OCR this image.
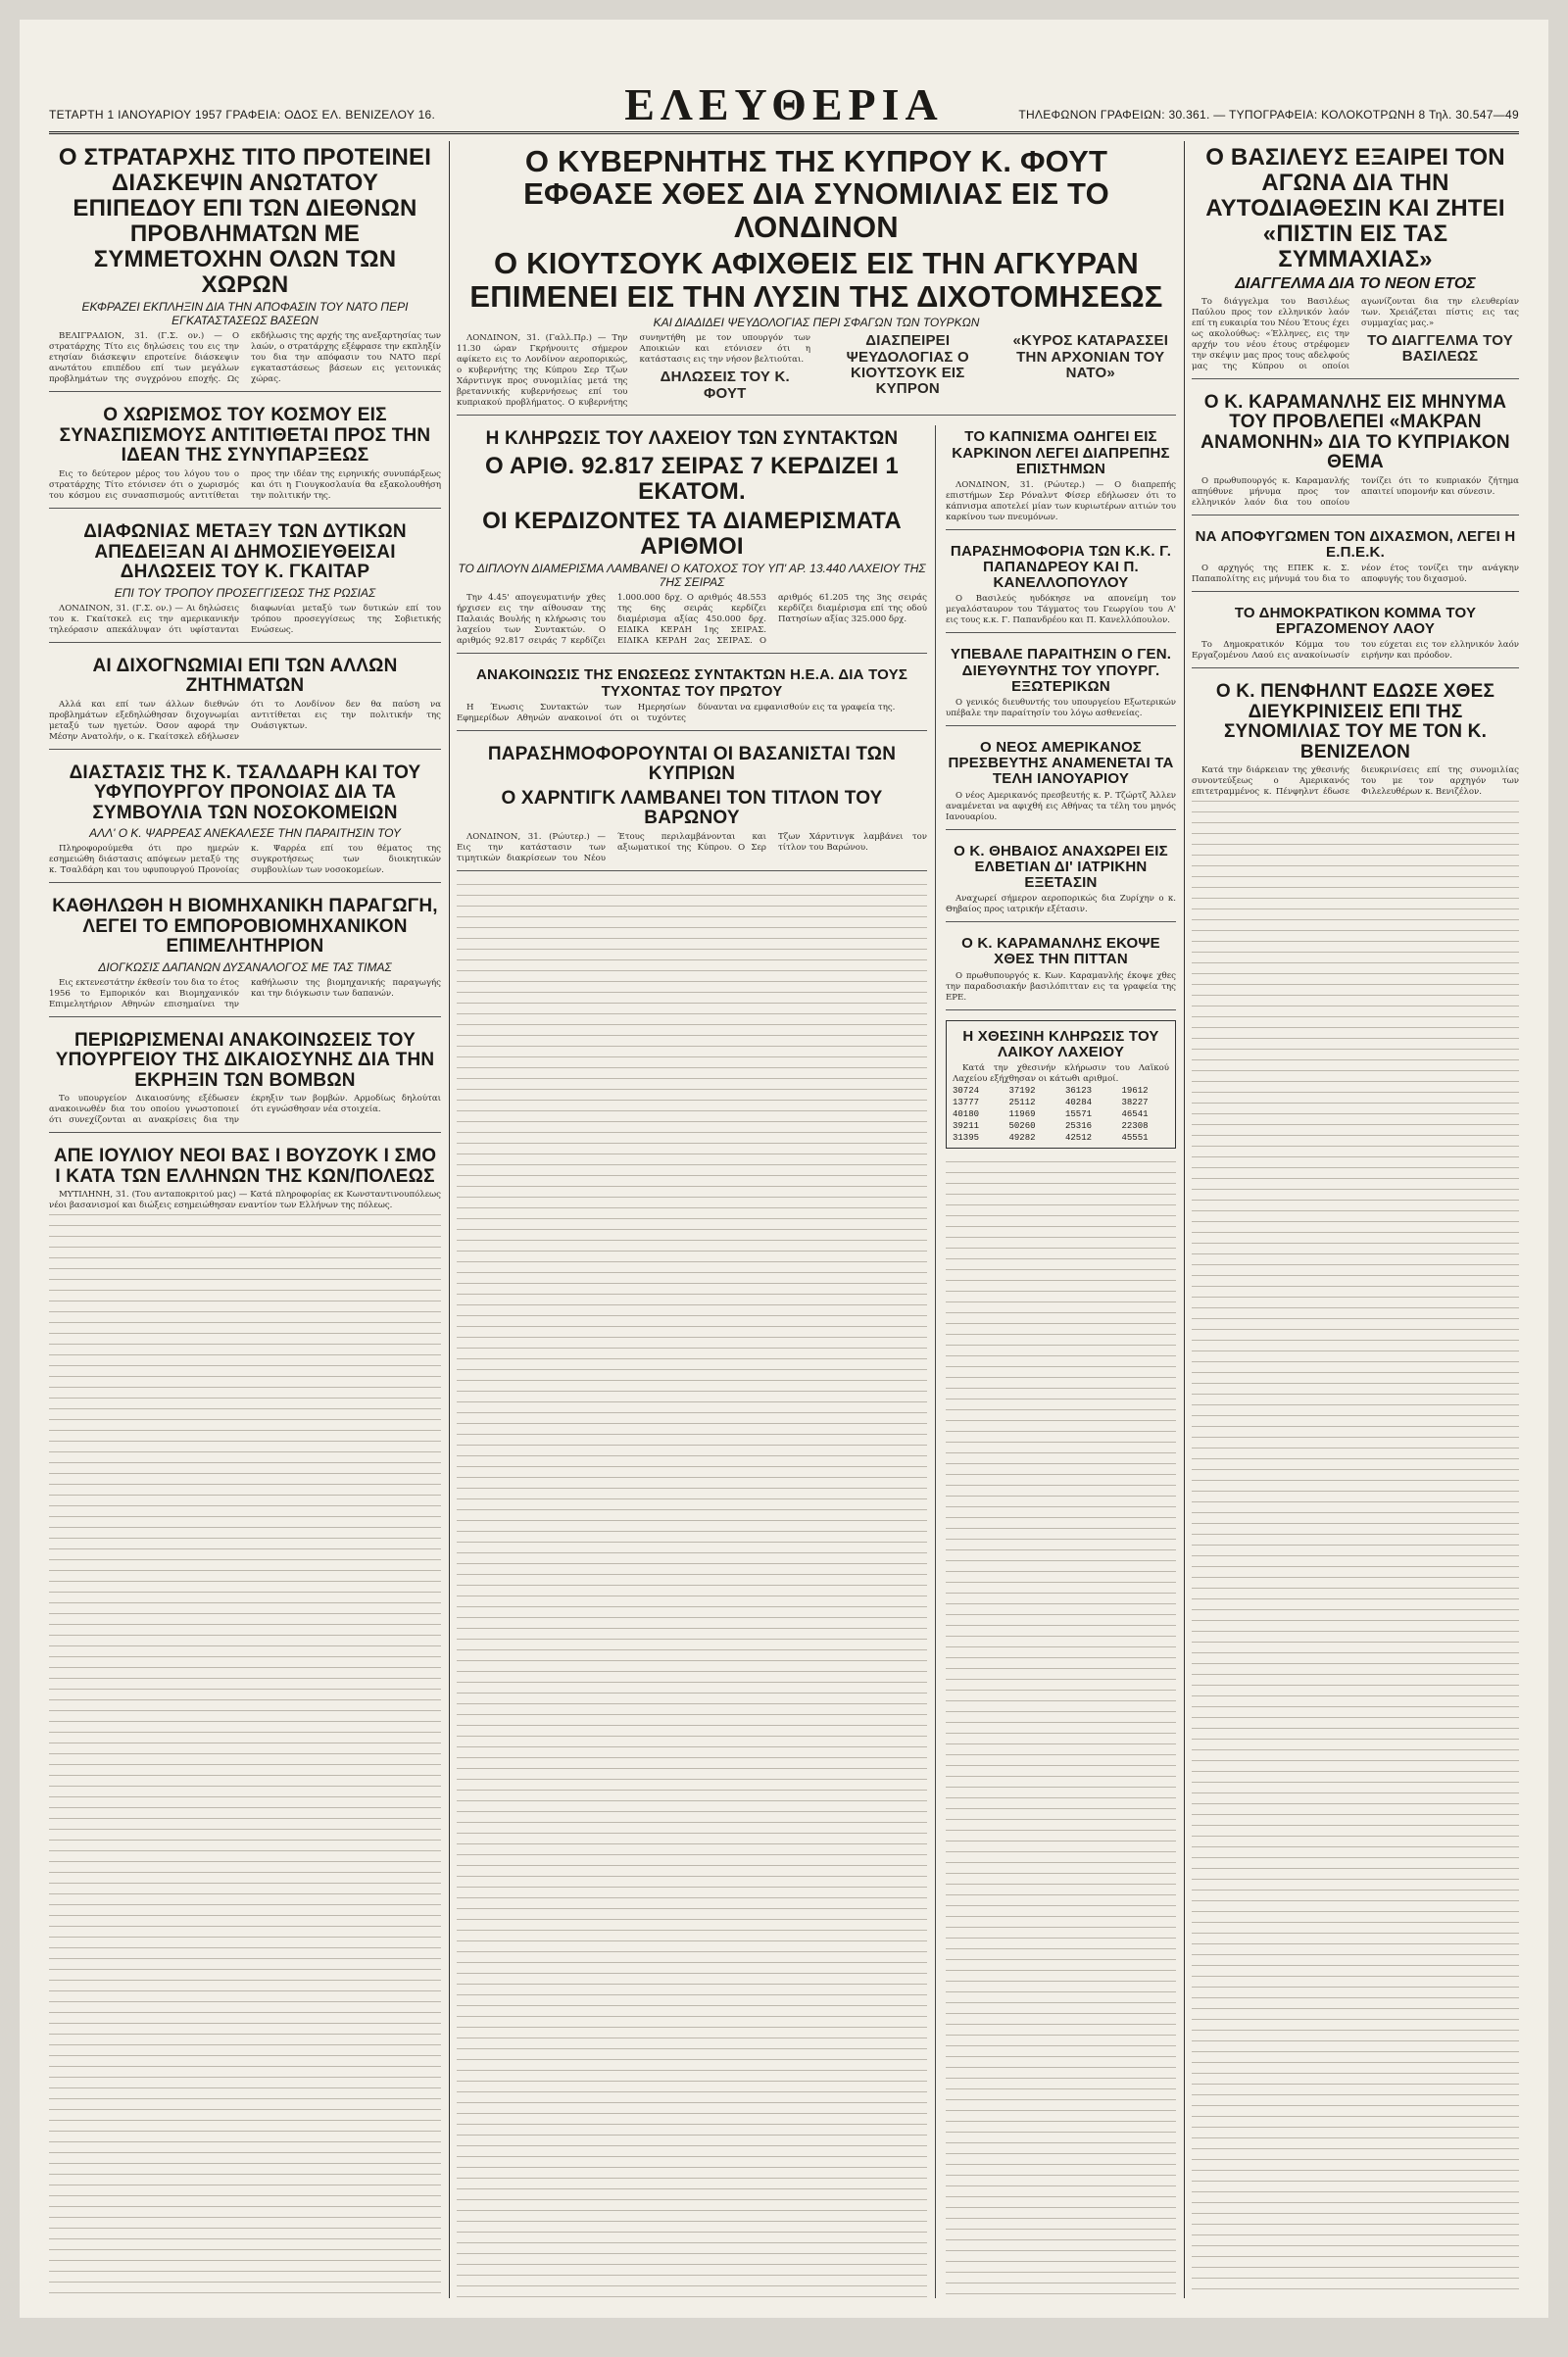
ΤΕΤΑΡΤΗ 1 ΙΑΝΟΥΑΡΙΟΥ 1957 ΓΡΑΦΕΙΑ: ΟΔΟΣ ΕΛ. ΒΕΝΙΖΕΛΟΥ 16.	ΕΛΕΥΘΕΡΙΑ	ΤΗΛΕΦΩΝΟΝ ΓΡΑΦΕΙΩΝ: 30.361. — ΤΥΠΟΓΡΑΦΕΙΑ: ΚΟΛΟΚΟΤΡΩΝΗ 8 Τηλ. 30.547—49
Ο ΣΤΡΑΤΑΡΧΗΣ ΤΙΤΟ ΠΡΟΤΕΙΝΕΙ ΔΙΑΣΚΕΨΙΝ ΑΝΩΤΑΤΟΥ ΕΠΙΠΕΔΟΥ ΕΠΙ ΤΩΝ ΔΙΕΘΝΩΝ ΠΡΟΒΛΗΜΑΤΩΝ ΜΕ ΣΥΜΜΕΤΟΧΗΝ ΟΛΩΝ ΤΩΝ ΧΩΡΩΝ
ΕΚΦΡΑΖΕΙ ΕΚΠΛΗΞΙΝ ΔΙΑ ΤΗΝ ΑΠΟΦΑΣΙΝ ΤΟΥ ΝΑΤΟ ΠΕΡΙ ΕΓΚΑΤΑΣΤΑΣΕΩΣ ΒΑΣΕΩΝ

ΒΕΛΙΓΡΑΔΙΟΝ, 31. (Γ.Σ. ον.) — Ο στρατάρχης Τίτο εις δηλώσεις του εις την ετησίαν διάσκεψιν επροτείνε διάσκεψιν ανωτάτου επιπέδου επί των μεγάλων προβλημάτων της συγχρόνου εποχής. Ως εκδήλωσις της αρχής της ανεξαρτησίας των λαών, ο στρατάρχης εξέφρασε την εκπληξίν του δια την απόφασιν του ΝΑΤΟ περί εγκαταστάσεως βάσεων εις γειτονικάς χώρας.

Ο ΧΩΡΙΣΜΟΣ ΤΟΥ ΚΟΣΜΟΥ ΕΙΣ ΣΥΝΑΣΠΙΣΜΟΥΣ ΑΝΤΙΤΙΘΕΤΑΙ ΠΡΟΣ ΤΗΝ ΙΔΕΑΝ ΤΗΣ ΣΥΝΥΠΑΡΞΕΩΣ

Εις το δεύτερον μέρος του λόγου του ο στρατάρχης Τίτο ετόνισεν ότι ο χωρισμός του κόσμου εις συνασπισμούς αντιτίθεται προς την ιδέαν της ειρηνικής συνυπάρξεως και ότι η Γιουγκοσλαυία θα εξακολουθήση την πολιτικήν της.

ΔΙΑΦΩΝΙΑΣ ΜΕΤΑΞΥ ΤΩΝ ΔΥΤΙΚΩΝ ΑΠΕΔΕΙΞΑΝ ΑΙ ΔΗΜΟΣΙΕΥΘΕΙΣΑΙ ΔΗΛΩΣΕΙΣ ΤΟΥ Κ. ΓΚΑΙΤΑΡ
ΕΠΙ ΤΟΥ ΤΡΟΠΟΥ ΠΡΟΣΕΓΓΙΣΕΩΣ ΤΗΣ ΡΩΣΙΑΣ

ΛΟΝΔΙΝΟΝ, 31. (Γ.Σ. ον.) — Αι δηλώσεις του κ. Γκαίτσκελ εις την αμερικανικήν τηλεόρασιν απεκάλυψαν ότι υφίστανται διαφωνίαι μεταξύ των δυτικών επί του τρόπου προσεγγίσεως της Σοβιετικής Ενώσεως.

ΑΙ ΔΙΧΟΓΝΩΜΙΑΙ ΕΠΙ ΤΩΝ ΑΛΛΩΝ ΖΗΤΗΜΑΤΩΝ

Αλλά και επί των άλλων διεθνών προβλημάτων εξεδηλώθησαν διχογνωμίαι μεταξύ των ηγετών. Όσον αφορά την Μέσην Ανατολήν, ο κ. Γκαίτσκελ εδήλωσεν ότι το Λονδίνον δεν θα παύση να αντιτίθεται εις την πολιτικήν της Ουάσιγκτων.

ΔΙΑΣΤΑΣΙΣ ΤΗΣ Κ. ΤΣΑΛΔΑΡΗ ΚΑΙ ΤΟΥ ΥΦΥΠΟΥΡΓΟΥ ΠΡΟΝΟΙΑΣ ΔΙΑ ΤΑ ΣΥΜΒΟΥΛΙΑ ΤΩΝ ΝΟΣΟΚΟΜΕΙΩΝ
ΑΛΛ' Ο Κ. ΨΑΡΡΕΑΣ ΑΝΕΚΑΛΕΣΕ ΤΗΝ ΠΑΡΑΙΤΗΣΙΝ ΤΟΥ

Πληροφορούμεθα ότι προ ημερών εσημειώθη διάστασις απόψεων μεταξύ της κ. Τσαλδάρη και του υφυπουργού Προνοίας κ. Ψαρρέα επί του θέματος της συγκροτήσεως των διοικητικών συμβουλίων των νοσοκομείων.

ΚΑΘΗΛΩΘΗ Η ΒΙΟΜΗΧΑΝΙΚΗ ΠΑΡΑΓΩΓΗ, ΛΕΓΕΙ ΤΟ ΕΜΠΟΡΟΒΙΟΜΗΧΑΝΙΚΟΝ ΕΠΙΜΕΛΗΤΗΡΙΟΝ
ΔΙΟΓΚΩΣΙΣ ΔΑΠΑΝΩΝ ΔΥΣΑΝΑΛΟΓΟΣ ΜΕ ΤΑΣ ΤΙΜΑΣ

Εις εκτενεστάτην έκθεσίν του δια το έτος 1956 το Εμπορικόν και Βιομηχανικόν Επιμελητήριον Αθηνών επισημαίνει την καθήλωσιν της βιομηχανικής παραγωγής και την διόγκωσιν των δαπανών.

ΠΕΡΙΩΡΙΣΜΕΝΑΙ ΑΝΑΚΟΙΝΩΣΕΙΣ ΤΟΥ ΥΠΟΥΡΓΕΙΟΥ ΤΗΣ ΔΙΚΑΙΟΣΥΝΗΣ ΔΙΑ ΤΗΝ ΕΚΡΗΞΙΝ ΤΩΝ ΒΟΜΒΩΝ

Το υπουργείον Δικαιοσύνης εξέδωσεν ανακοινωθέν δια του οποίου γνωστοποιεί ότι συνεχίζονται αι ανακρίσεις δια την έκρηξιν των βομβών. Αρμοδίως δηλούται ότι εγνώσθησαν νέα στοιχεία.

ΑΠΕ ΙΟΥΛΙΟΥ ΝΕΟΙ ΒΑΣ Ι ΒΟΥΖΟΥΚ Ι ΣΜΟ Ι ΚΑΤΑ ΤΩΝ ΕΛΛΗΝΩΝ ΤΗΣ ΚΩΝ/ΠΟΛΕΩΣ

ΜΥΤΙΛΗΝΗ, 31. (Του ανταποκριτού μας) — Κατά πληροφορίας εκ Κωνσταντινουπόλεως νέοι βασανισμοί και διώξεις εσημειώθησαν εναντίον των Ελλήνων της πόλεως.

Ο ΚΥΒΕΡΝΗΤΗΣ ΤΗΣ ΚΥΠΡΟΥ Κ. ΦΟΥΤ ΕΦΘΑΣΕ ΧΘΕΣ ΔΙΑ ΣΥΝΟΜΙΛΙΑΣ ΕΙΣ ΤΟ ΛΟΝΔΙΝΟΝ
Ο ΚΙΟΥΤΣΟΥΚ ΑΦΙΧΘΕΙΣ ΕΙΣ ΤΗΝ ΑΓΚΥΡΑΝ ΕΠΙΜΕΝΕΙ ΕΙΣ ΤΗΝ ΛΥΣΙΝ ΤΗΣ ΔΙΧΟΤΟΜΗΣΕΩΣ
ΚΑΙ ΔΙΑΔΙΔΕΙ ΨΕΥΔΟΛΟΓΙΑΣ ΠΕΡΙ ΣΦΑΓΩΝ ΤΩΝ ΤΟΥΡΚΩΝ

ΛΟΝΔΙΝΟΝ, 31. (Γαλλ.Πρ.) — Την 11.30 ώραν Γκρήνουιτς σήμερον αφίκετο εις το Λονδίνον αεροπορικώς, ο κυβερνήτης της Κύπρου Σερ Τζων Χάρντινγκ προς συνομιλίας μετά της βρεταννικής κυβερνήσεως επί του κυπριακού προβλήματος. Ο κυβερνήτης συνηντήθη με τον υπουργόν των Αποικιών και ετόνισεν ότι η κατάστασις εις την νήσον βελτιούται.

ΔΗΛΩΣΕΙΣ ΤΟΥ Κ. ΦΟΥΤ
ΔΙΑΣΠΕΙΡΕΙ ΨΕΥΔΟΛΟΓΙΑΣ Ο ΚΙΟΥΤΣΟΥΚ ΕΙΣ ΚΥΠΡΟΝ
«ΚΥΡΟΣ ΚΑΤΑΡΑΣΣΕΙ ΤΗΝ ΑΡΧΟΝΙΑΝ ΤΟΥ ΝΑΤΟ»
Η ΚΛΗΡΩΣΙΣ ΤΟΥ ΛΑΧΕΙΟΥ ΤΩΝ ΣΥΝΤΑΚΤΩΝ
Ο ΑΡΙΘ. 92.817 ΣΕΙΡΑΣ 7 ΚΕΡΔΙΖΕΙ 1 ΕΚΑΤΟΜ.
ΟΙ ΚΕΡΔΙΖΟΝΤΕΣ ΤΑ ΔΙΑΜΕΡΙΣΜΑΤΑ ΑΡΙΘΜΟΙ
ΤΟ ΔΙΠΛΟΥΝ ΔΙΑΜΕΡΙΣΜΑ ΛΑΜΒΑΝΕΙ Ο ΚΑΤΟΧΟΣ ΤΟΥ ΥΠ' ΑΡ. 13.440 ΛΑΧΕΙΟΥ ΤΗΣ 7ΗΣ ΣΕΙΡΑΣ

Την 4.45' απογευματινήν χθες ήρχισεν εις την αίθουσαν της Παλαιάς Βουλής η κλήρωσις του λαχείου των Συντακτών. Ο αριθμός 92.817 σειράς 7 κερδίζει 1.000.000 δρχ. Ο αριθμός 48.553 της 6ης σειράς κερδίζει διαμέρισμα αξίας 450.000 δρχ. ΕΙΔΙΚΑ ΚΕΡΔΗ 1ης ΣΕΙΡΑΣ. ΕΙΔΙΚΑ ΚΕΡΔΗ 2ας ΣΕΙΡΑΣ. Ο αριθμός 61.205 της 3ης σειράς κερδίζει διαμέρισμα επί της οδού Πατησίων αξίας 325.000 δρχ.

ΑΝΑΚΟΙΝΩΣΙΣ ΤΗΣ ΕΝΩΣΕΩΣ ΣΥΝΤΑΚΤΩΝ Η.Ε.Α. ΔΙΑ ΤΟΥΣ ΤΥΧΟΝΤΑΣ ΤΟΥ ΠΡΩΤΟΥ

Η Ένωσις Συντακτών των Ημερησίων Εφημερίδων Αθηνών ανακοινοί ότι οι τυχόντες δύνανται να εμφανισθούν εις τα γραφεία της.

ΠΑΡΑΣΗΜΟΦΟΡΟΥΝΤΑΙ ΟΙ ΒΑΣΑΝΙΣΤΑΙ ΤΩΝ ΚΥΠΡΙΩΝ
Ο ΧΑΡΝΤΙΓΚ ΛΑΜΒΑΝΕΙ ΤΟΝ ΤΙΤΛΟΝ ΤΟΥ ΒΑΡΩΝΟΥ

ΛΟΝΔΙΝΟΝ, 31. (Ρώυτερ.) — Εις την κατάστασιν των τιμητικών διακρίσεων του Νέου Έτους περιλαμβάνονται και αξιωματικοί της Κύπρου. Ο Σερ Τζων Χάρντινγκ λαμβάνει τον τίτλον του Βαρώνου.

ΤΟ ΚΑΠΝΙΣΜΑ ΟΔΗΓΕΙ ΕΙΣ ΚΑΡΚΙΝΟΝ ΛΕΓΕΙ ΔΙΑΠΡΕΠΗΣ ΕΠΙΣΤΗΜΩΝ

ΛΟΝΔΙΝΟΝ, 31. (Ρώυτερ.) — Ο διαπρεπής επιστήμων Σερ Ρόναλντ Φίσερ εδήλωσεν ότι το κάπνισμα αποτελεί μίαν των κυριωτέρων αιτιών του καρκίνου των πνευμόνων.

ΠΑΡΑΣΗΜΟΦΟΡΙΑ ΤΩΝ Κ.Κ. Γ. ΠΑΠΑΝΔΡΕΟΥ ΚΑΙ Π. ΚΑΝΕΛΛΟΠΟΥΛΟΥ

Ο Βασιλεύς ηυδόκησε να απονείμη τον μεγαλόσταυρον του Τάγματος του Γεωργίου του Α' εις τους κ.κ. Γ. Παπανδρέου και Π. Κανελλόπουλον.

ΥΠΕΒΑΛΕ ΠΑΡΑΙΤΗΣΙΝ Ο ΓΕΝ. ΔΙΕΥΘΥΝΤΗΣ ΤΟΥ ΥΠΟΥΡΓ. ΕΞΩΤΕΡΙΚΩΝ

Ο γενικός διευθυντής του υπουργείου Εξωτερικών υπέβαλε την παραίτησίν του λόγω ασθενείας.

Ο ΝΕΟΣ ΑΜΕΡΙΚΑΝΟΣ ΠΡΕΣΒΕΥΤΗΣ ΑΝΑΜΕΝΕΤΑΙ ΤΑ ΤΕΛΗ ΙΑΝΟΥΑΡΙΟΥ

Ο νέος Αμερικανός πρεσβευτής κ. Ρ. Τζώρτζ Άλλεν αναμένεται να αφιχθή εις Αθήνας τα τέλη του μηνός Ιανουαρίου.

Ο Κ. ΘΗΒΑΙΟΣ ΑΝΑΧΩΡΕΙ ΕΙΣ ΕΛΒΕΤΙΑΝ ΔΙ' ΙΑΤΡΙΚΗΝ ΕΞΕΤΑΣΙΝ

Αναχωρεί σήμερον αεροπορικώς δια Ζυρίχην ο κ. Θηβαίος προς ιατρικήν εξέτασιν.

Ο Κ. ΚΑΡΑΜΑΝΛΗΣ ΕΚΟΨΕ ΧΘΕΣ ΤΗΝ ΠΙΤΤΑΝ

Ο πρωθυπουργός κ. Κων. Καραμανλής έκοψε χθες την παραδοσιακήν βασιλόπιτταν εις τα γραφεία της ΕΡΕ.

Η ΧΘΕΣΙΝΗ ΚΛΗΡΩΣΙΣ ΤΟΥ ΛΑΙΚΟΥ ΛΑΧΕΙΟΥ

Κατά την χθεσινήν κλήρωσιν του Λαϊκού Λαχείου εξήχθησαν οι κάτωθι αριθμοί.

30724
13777
40180
39211
31395
37192
25112
11969
50260
49282
36123
40284
15571
25316
42512
19612
38227
46541
22308
45551
Ο ΒΑΣΙΛΕΥΣ ΕΞΑΙΡΕΙ ΤΟΝ ΑΓΩΝΑ ΔΙΑ ΤΗΝ ΑΥΤΟΔΙΑΘΕΣΙΝ ΚΑΙ ΖΗΤΕΙ «ΠΙΣΤΙΝ ΕΙΣ ΤΑΣ ΣΥΜΜΑΧΙΑΣ»
ΔΙΑΓΓΕΛΜΑ ΔΙΑ ΤΟ ΝΕΟΝ ΕΤΟΣ

Το διάγγελμα του Βασιλέως Παύλου προς τον ελληνικόν λαόν επί τη ευκαιρία του Νέου Έτους έχει ως ακολούθως: «Έλληνες, εις την αρχήν του νέου έτους στρέφομεν την σκέψιν μας προς τους αδελφούς μας της Κύπρου οι οποίοι αγωνίζονται δια την ελευθερίαν των. Χρειάζεται πίστις εις τας συμμαχίας μας.»

ΤΟ ΔΙΑΓΓΕΛΜΑ ΤΟΥ ΒΑΣΙΛΕΩΣ
Ο Κ. ΚΑΡΑΜΑΝΛΗΣ ΕΙΣ ΜΗΝΥΜΑ ΤΟΥ ΠΡΟΒΛΕΠΕΙ «ΜΑΚΡΑΝ ΑΝΑΜΟΝΗΝ» ΔΙΑ ΤΟ ΚΥΠΡΙΑΚΟΝ ΘΕΜΑ

Ο πρωθυπουργός κ. Καραμανλής απηύθυνε μήνυμα προς τον ελληνικόν λαόν δια του οποίου τονίζει ότι το κυπριακόν ζήτημα απαιτεί υπομονήν και σύνεσιν.

ΝΑ ΑΠΟΦΥΓΩΜΕΝ ΤΟΝ ΔΙΧΑΣΜΟΝ, ΛΕΓΕΙ Η Ε.Π.Ε.Κ.

Ο αρχηγός της ΕΠΕΚ κ. Σ. Παπαπολίτης εις μήνυμά του δια το νέον έτος τονίζει την ανάγκην αποφυγής του διχασμού.

ΤΟ ΔΗΜΟΚΡΑΤΙΚΟΝ ΚΟΜΜΑ ΤΟΥ ΕΡΓΑΖΟΜΕΝΟΥ ΛΑΟΥ

Το Δημοκρατικόν Κόμμα του Εργαζομένου Λαού εις ανακοίνωσίν του εύχεται εις τον ελληνικόν λαόν ειρήνην και πρόοδον.

Ο Κ. ΠΕΝΦΗΛΝΤ ΕΔΩΣΕ ΧΘΕΣ ΔΙΕΥΚΡΙΝΙΣΕΙΣ ΕΠΙ ΤΗΣ ΣΥΝΟΜΙΛΙΑΣ ΤΟΥ ΜΕ ΤΟΝ Κ. ΒΕΝΙΖΕΛΟΝ

Κατά την διάρκειαν της χθεσινής συνοντεύξεως ο Αμερικανός επιτετραμμένος κ. Πένφηλντ έδωσε διευκρινίσεις επί της συνομιλίας του με τον αρχηγόν των Φιλελευθέρων κ. Βενιζέλον.
